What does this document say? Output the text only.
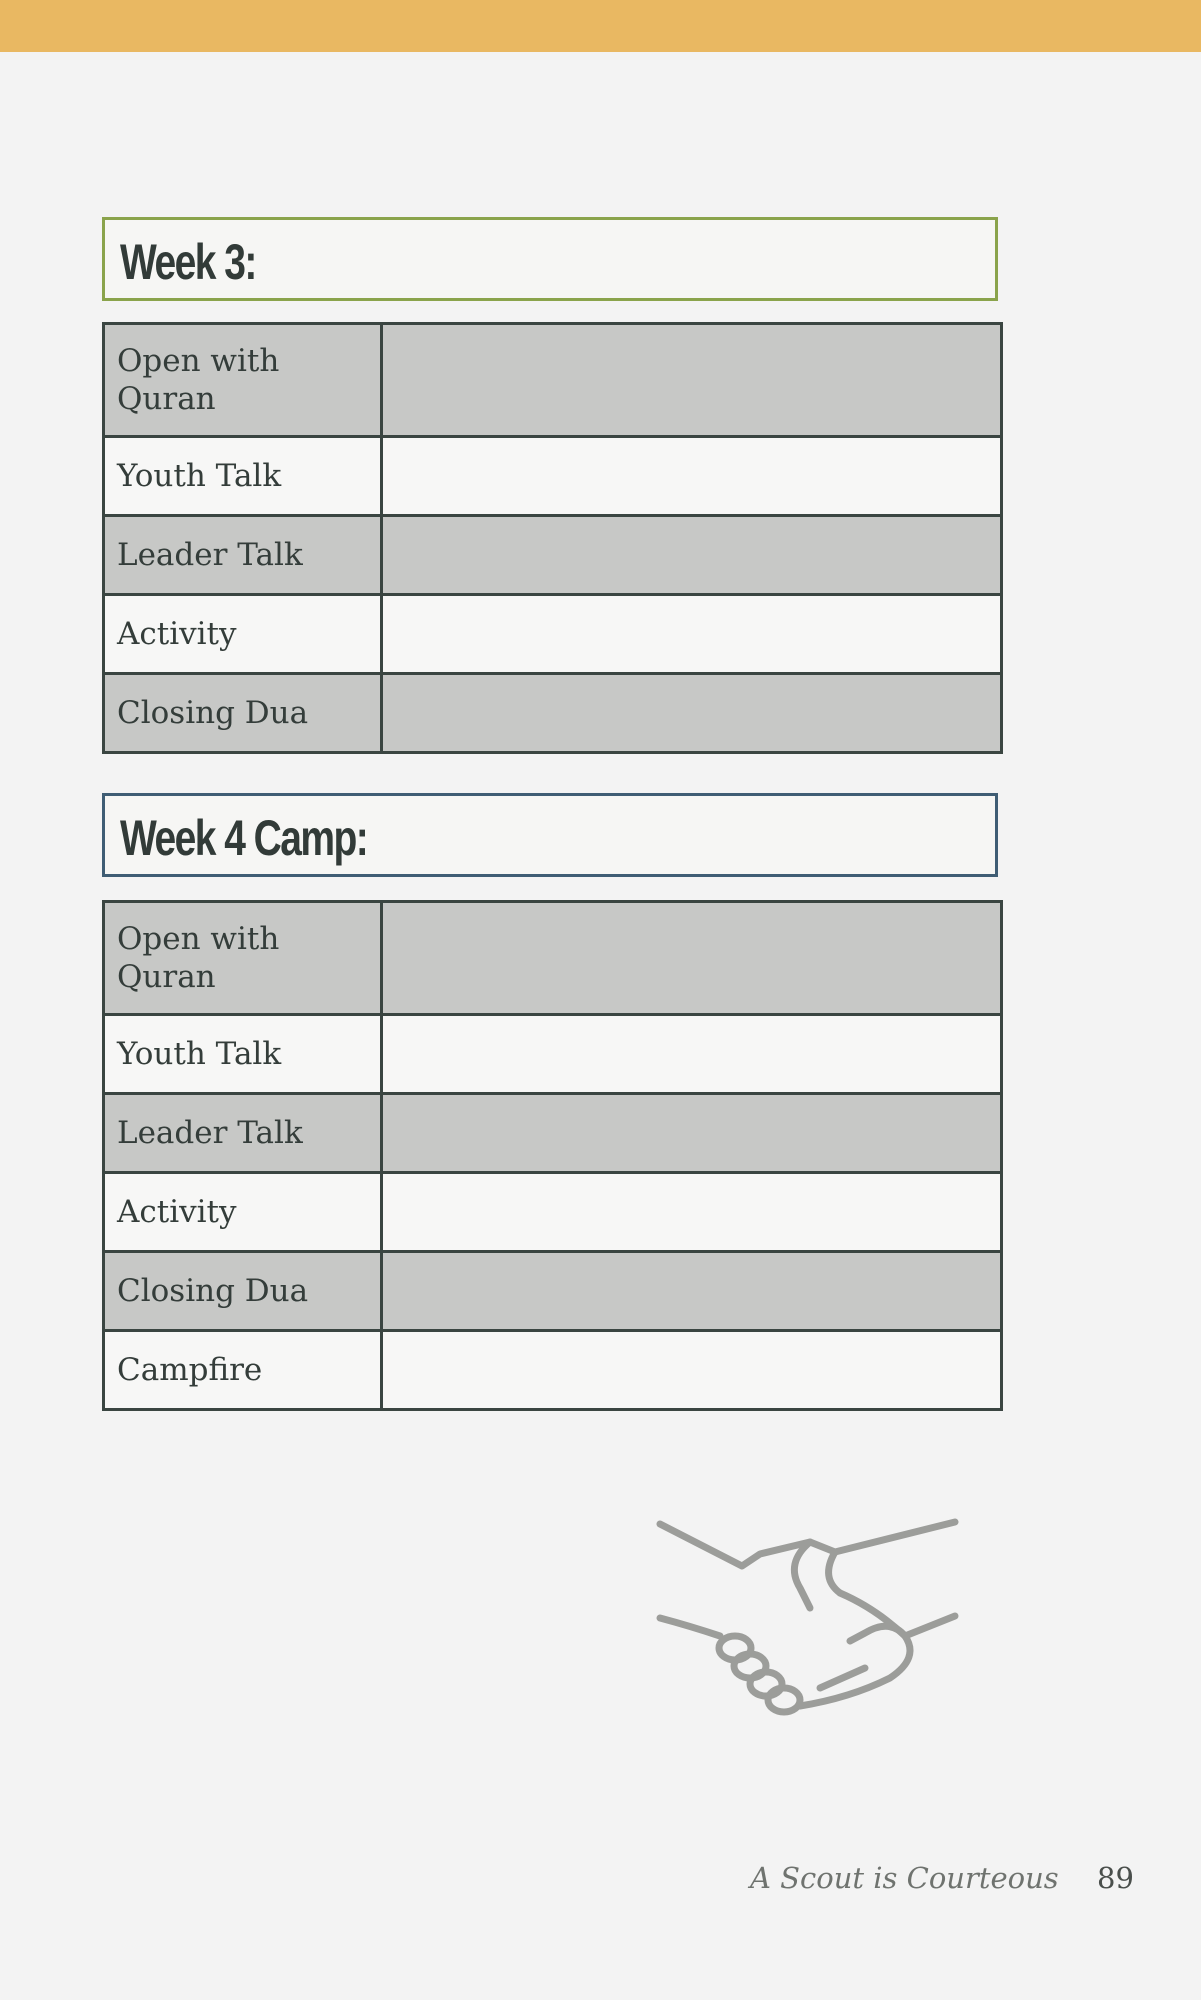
Week 3:
Open with Quran	

Youth Talk	
Leader Talk	
Activity	
Closing Dua	
Week 4 Camp:
Open with Quran	

Youth Talk	
Leader Talk	
Activity	
Closing Dua	
Campfire	
A Scout is Courteous 89
